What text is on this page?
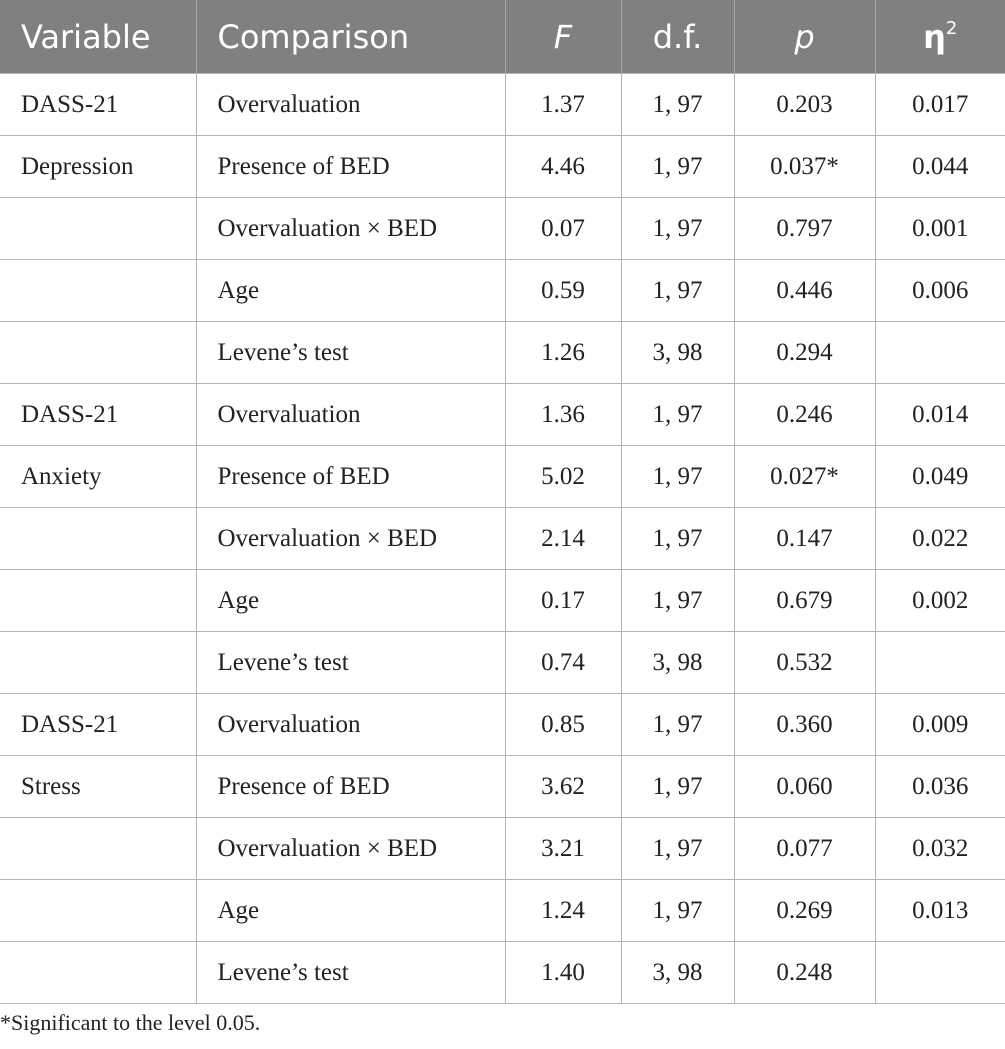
Variable	Comparison	F	d.f.	p	$\eta^2$
DASS-21	Overvaluation	1.37	1, 97	0.203	0.017
Depression	Presence of BED	4.46	1, 97	0.037*	0.044
	Overvaluation × BED	0.07	1, 97	0.797	0.001
	Age	0.59	1, 97	0.446	0.006
	Levene’s test	1.26	3, 98	0.294	
DASS-21	Overvaluation	1.36	1, 97	0.246	0.014
Anxiety	Presence of BED	5.02	1, 97	0.027*	0.049
	Overvaluation × BED	2.14	1, 97	0.147	0.022
	Age	0.17	1, 97	0.679	0.002
	Levene’s test	0.74	3, 98	0.532	
DASS-21	Overvaluation	0.85	1, 97	0.360	0.009
Stress	Presence of BED	3.62	1, 97	0.060	0.036
	Overvaluation × BED	3.21	1, 97	0.077	0.032
	Age	1.24	1, 97	0.269	0.013
	Levene’s test	1.40	3, 98	0.248	
*Significant to the level 0.05.
